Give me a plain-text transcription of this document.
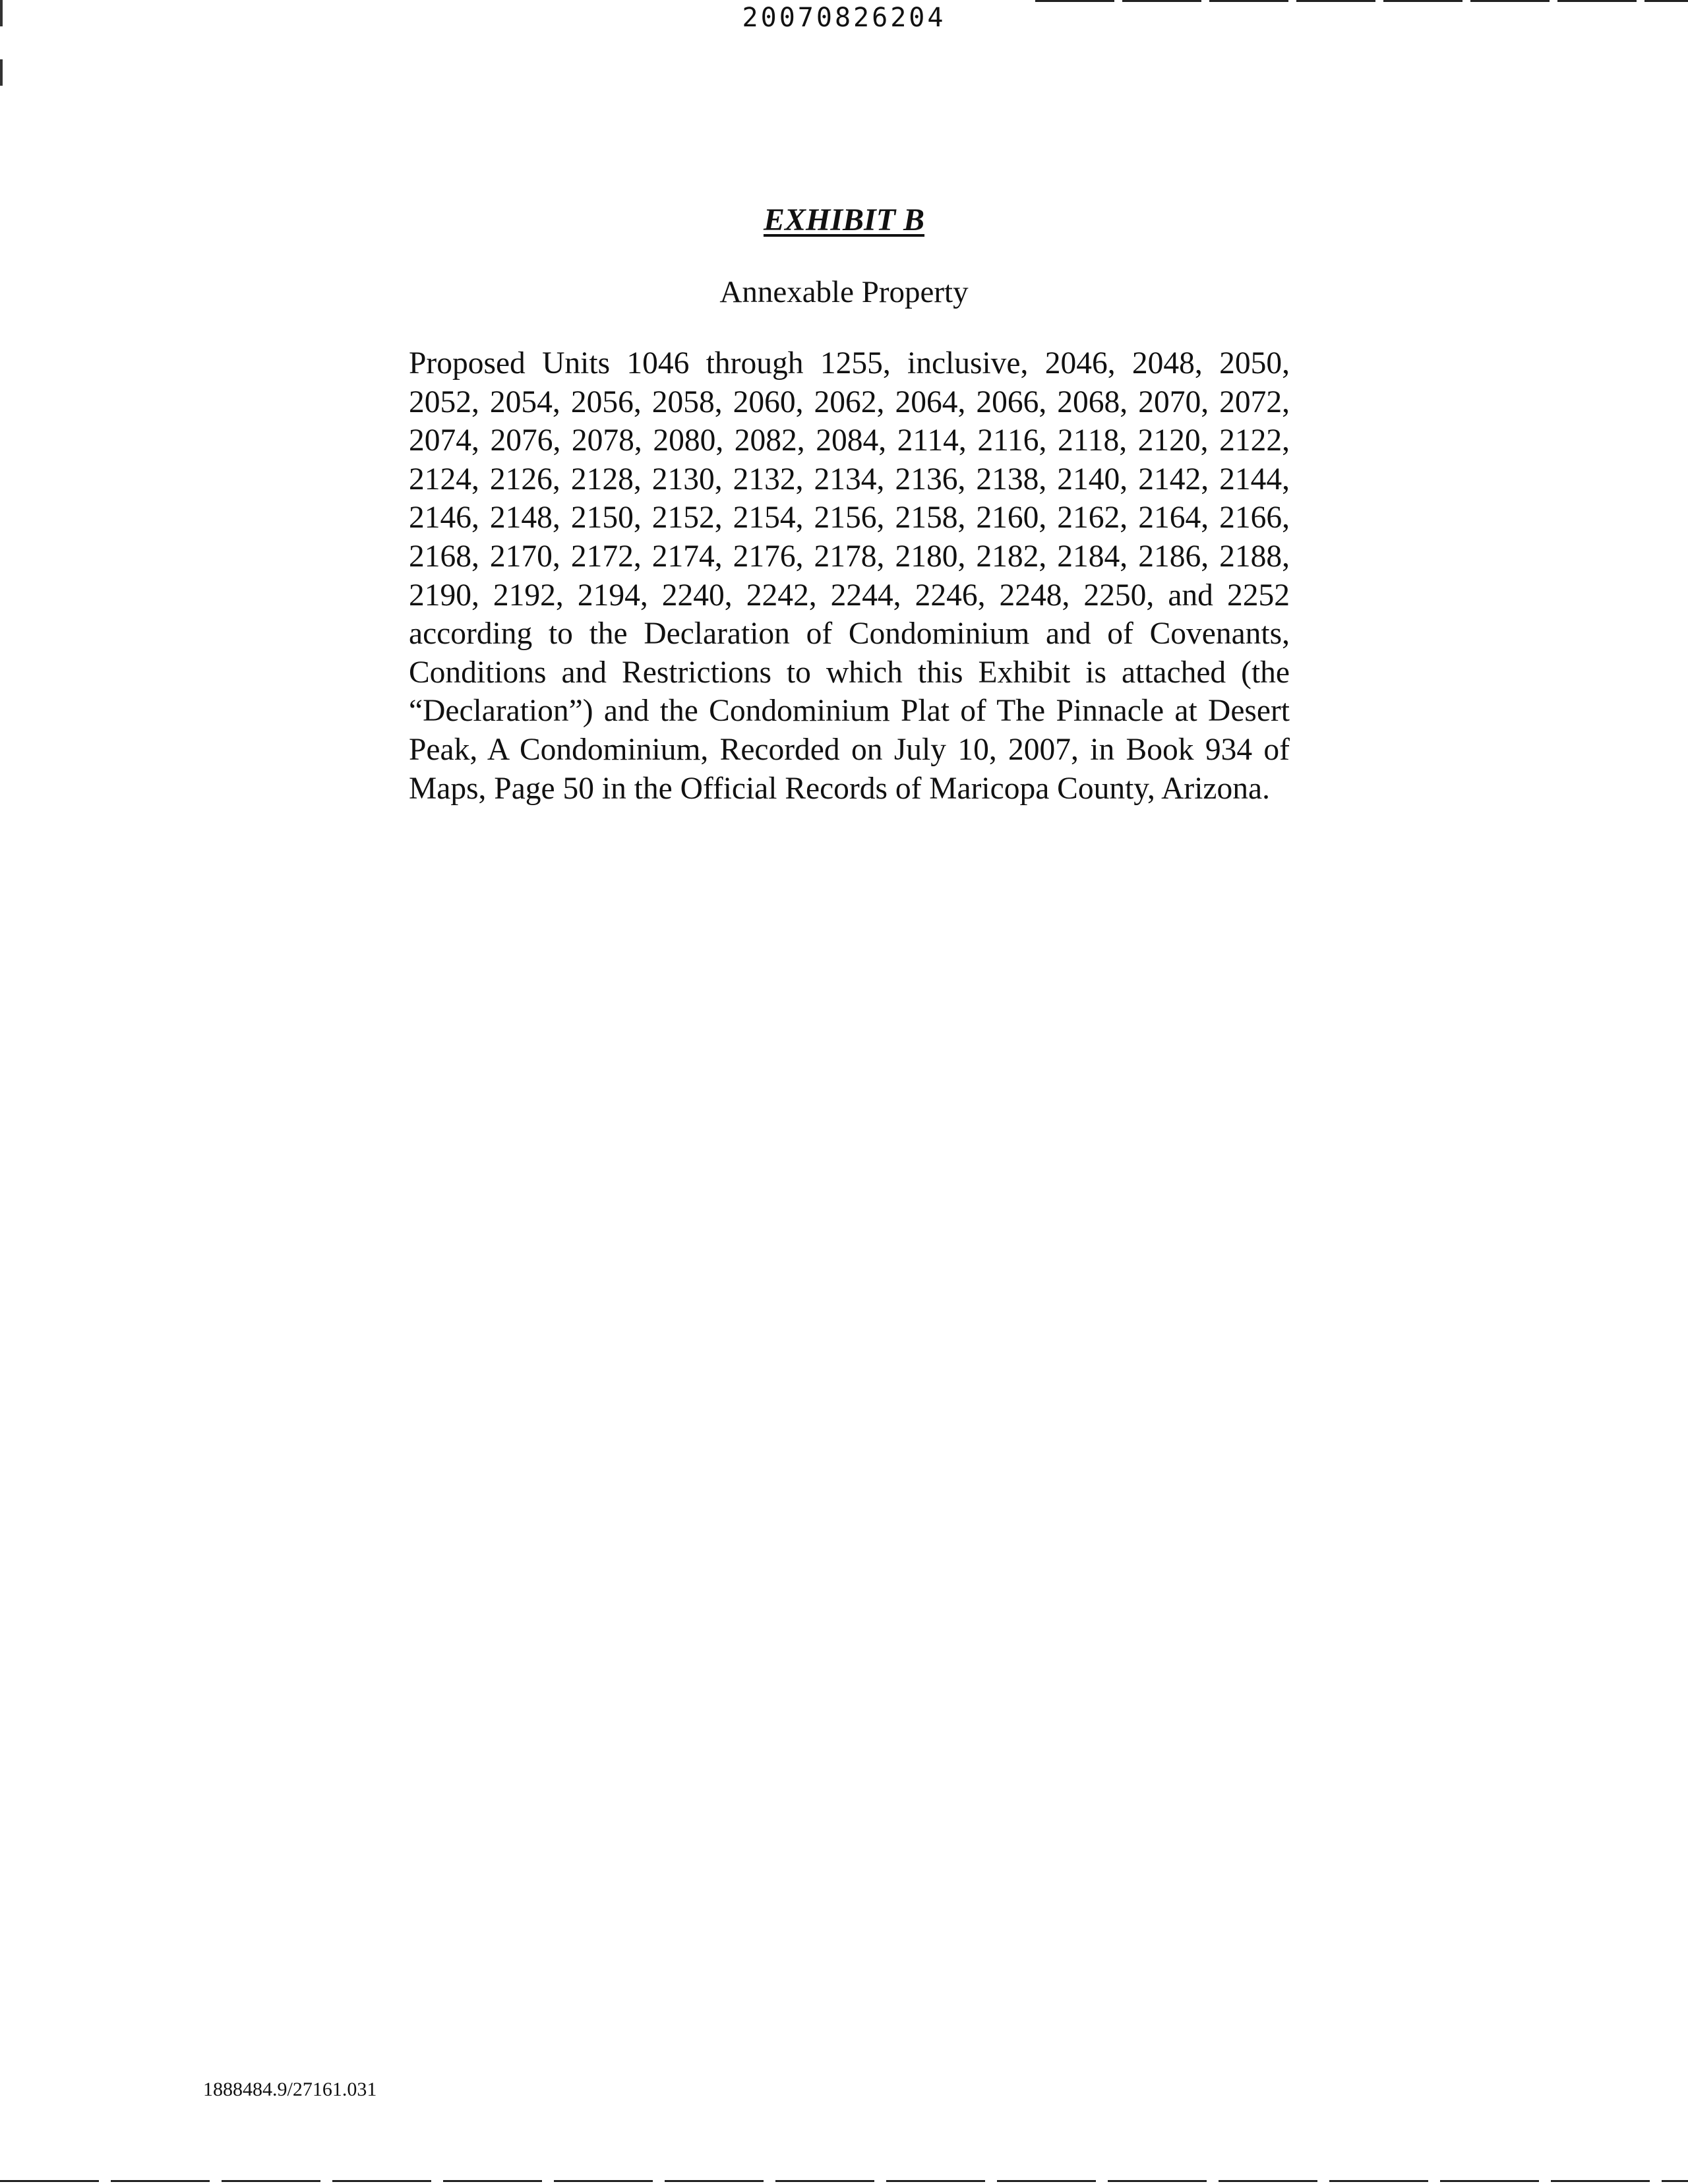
20070826204
EXHIBIT B
Annexable Property

Proposed Units 1046 through 1255, inclusive, 2046, 2048, 2050, 2052, 2054, 2056, 2058, 2060, 2062, 2064, 2066, 2068, 2070, 2072, 2074, 2076, 2078, 2080, 2082, 2084, 2114, 2116, 2118, 2120, 2122, 2124, 2126, 2128, 2130, 2132, 2134, 2136, 2138, 2140, 2142, 2144, 2146, 2148, 2150, 2152, 2154, 2156, 2158, 2160, 2162, 2164, 2166, 2168, 2170, 2172, 2174, 2176, 2178, 2180, 2182, 2184, 2186, 2188, 2190, 2192, 2194, 2240, 2242, 2244, 2246, 2248, 2250, and 2252 according to the Declaration of Condominium and of Covenants, Conditions and Restrictions to which this Exhibit is attached (the “Declaration”) and the Condominium Plat of The Pinnacle at Desert Peak, A Condominium, Recorded on July 10, 2007, in Book 934 of Maps, Page 50 in the Official Records of Maricopa County, Arizona.

1888484.9/27161.031
